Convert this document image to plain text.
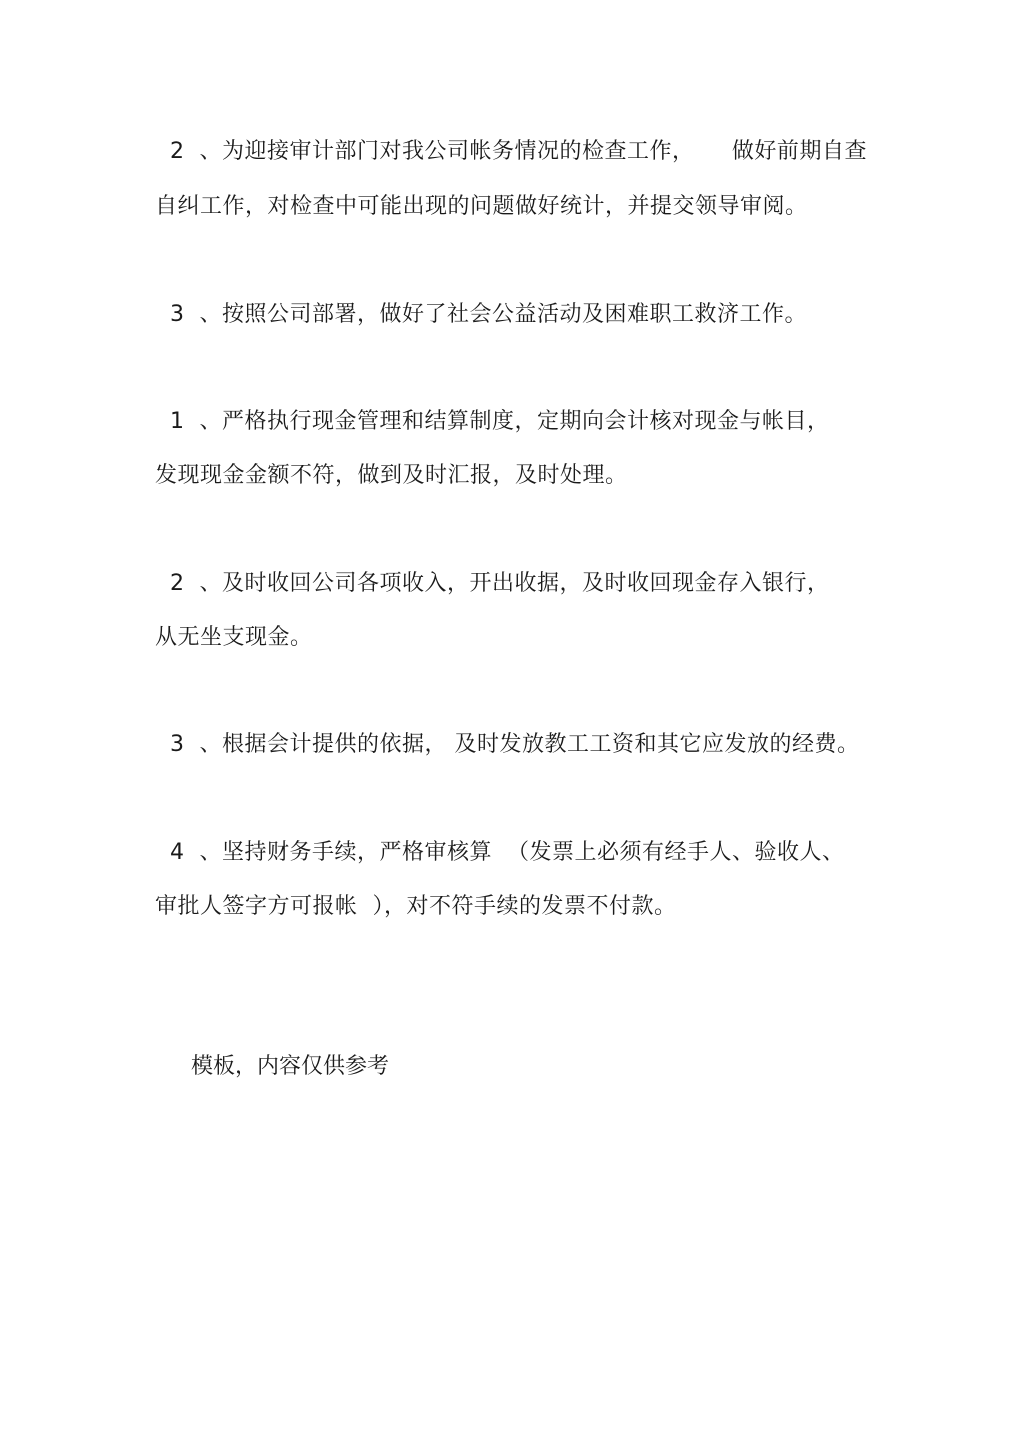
2  、为迎接审计部门对我公司帐务情况的检查工作，     做好前期自查
自纠工作，对检查中可能出现的问题做好统计，并提交领导审阅。
3  、按照公司部署，做好了社会公益活动及困难职工救济工作。
1  、严格执行现金管理和结算制度，定期向会计核对现金与帐目，
发现现金金额不符，做到及时汇报，及时处理。
2  、及时收回公司各项收入，开出收据，及时收回现金存入银行，
从无坐支现金。
3  、根据会计提供的依据， 及时发放教工工资和其它应发放的经费。
4  、坚持财务手续，严格审核算  （发票上必须有经手人、验收人、
审批人签字方可报帐  ），对不符手续的发票不付款。
模板，内容仅供参考
